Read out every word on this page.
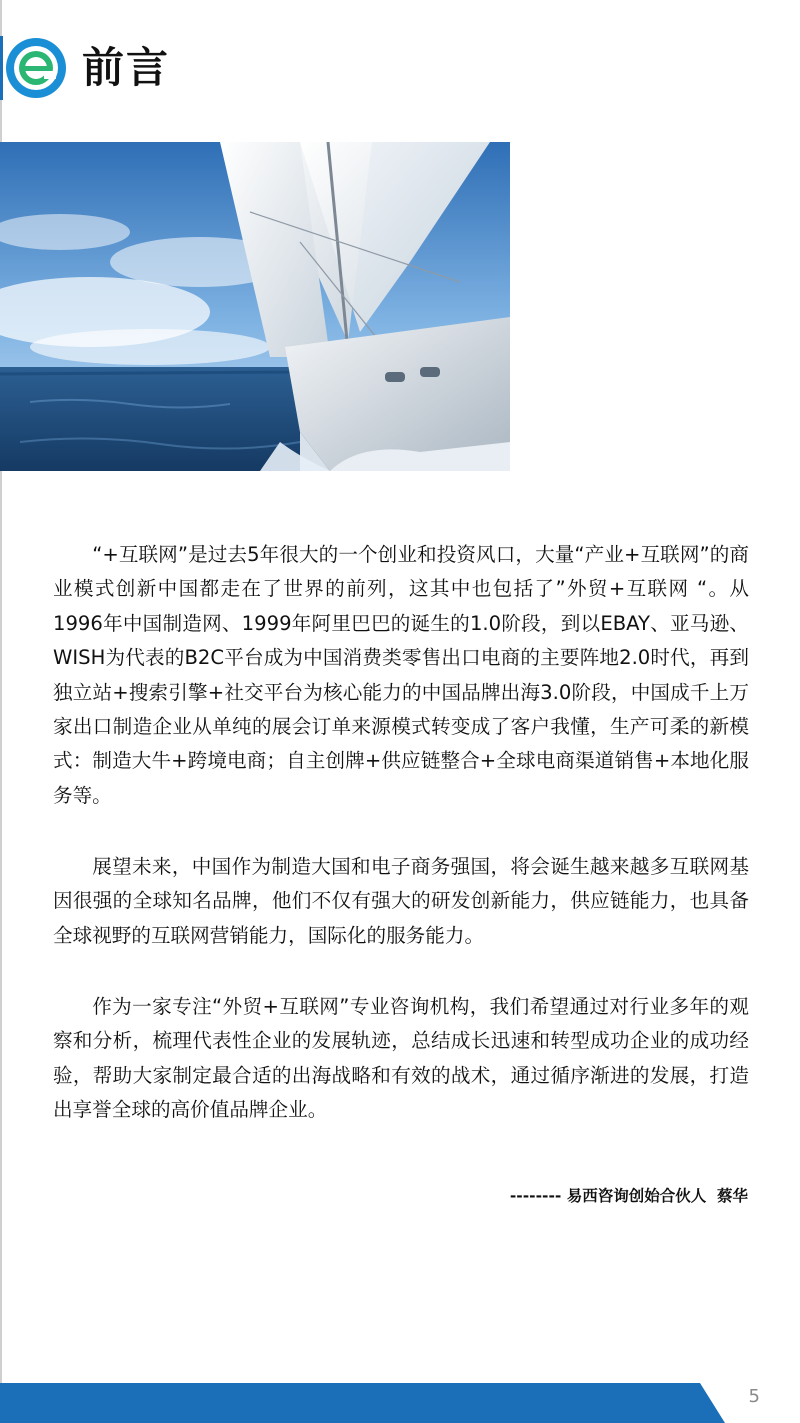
前言

“+互联网”是过去5年很大的一个创业和投资风口，大量“产业+互联网”的商业模式创新中国都走在了世界的前列，这其中也包括了”外贸+互联网 “。从1996年中国制造网、1999年阿里巴巴的诞生的1.0阶段，到以EBAY、亚马逊、WISH为代表的B2C平台成为中国消费类零售出口电商的主要阵地2.0时代，再到独立站+搜索引擎+社交平台为核心能力的中国品牌出海3.0阶段，中国成千上万家出口制造企业从单纯的展会订单来源模式转变成了客户我懂，生产可柔的新模式：制造大牛+跨境电商；自主创牌+供应链整合+全球电商渠道销售+本地化服务等。

展望未来，中国作为制造大国和电子商务强国，将会诞生越来越多互联网基因很强的全球知名品牌，他们不仅有强大的研发创新能力，供应链能力，也具备全球视野的互联网营销能力，国际化的服务能力。

作为一家专注“外贸+互联网”专业咨询机构，我们希望通过对行业多年的观察和分析，梳理代表性企业的发展轨迹，总结成长迅速和转型成功企业的成功经验，帮助大家制定最合适的出海战略和有效的战术，通过循序渐进的发展，打造出享誉全球的高价值品牌企业。

-------- 易西咨询创始合伙人  蔡华
5
